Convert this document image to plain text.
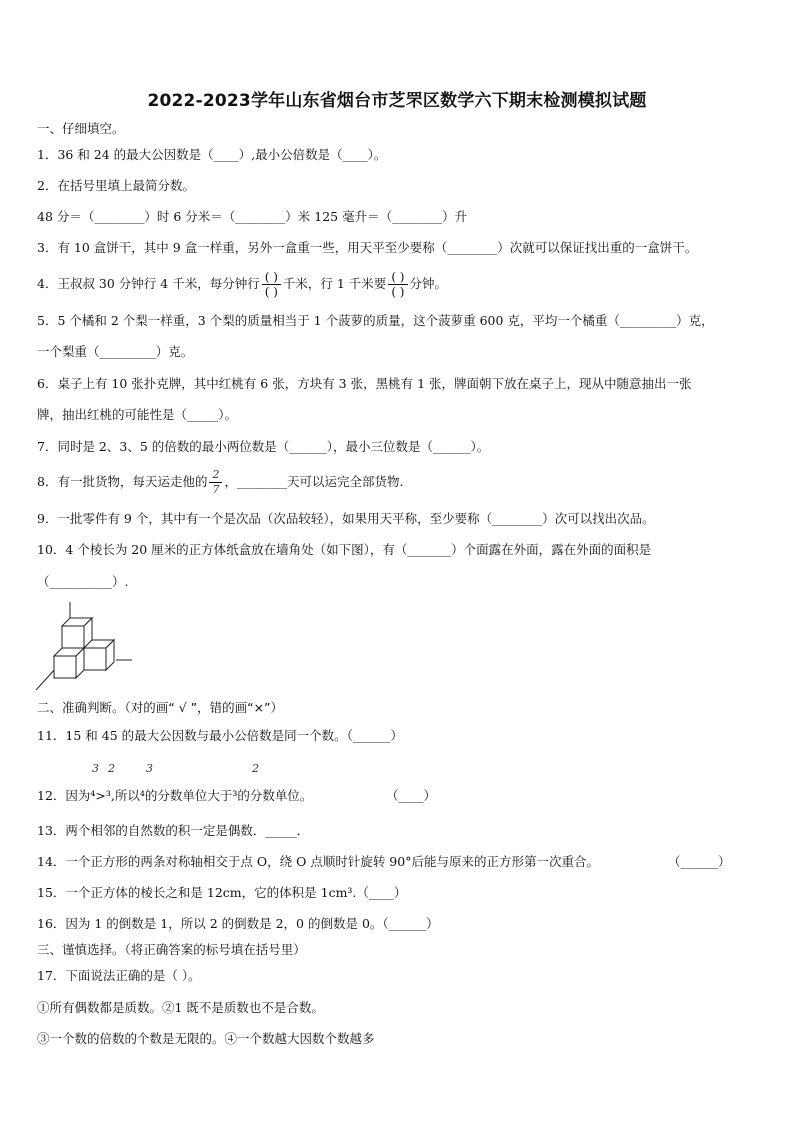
2022-2023学年山东省烟台市芝罘区数学六下期末检测模拟试题
一、仔细填空。
1．36 和 24 的最大公因数是（____）,最小公倍数是（____）。
2．在括号里填上最简分数。
48 分＝（________）时 6 分米＝（________）米 125 毫升＝（________）升
3．有 10 盒饼干，其中 9 盒一样重，另外一盒重一些，用天平至少要称（________）次就可以保证找出重的一盒饼干。
4．王叔叔 30 分钟行 4 千米，每分钟行 $\frac{( )}{( )}$ 千米，行 1 千米要 $\frac{( )}{( )}$ 分钟。
5．5 个橘和 2 个梨一样重，3 个梨的质量相当于 1 个菠萝的质量，这个菠萝重 600 克，平均一个橘重（_________）克，
一个梨重（_________）克。
6．桌子上有 10 张扑克牌，其中红桃有 6 张，方块有 3 张，黑桃有 1 张，牌面朝下放在桌子上，现从中随意抽出一张
牌，抽出红桃的可能性是（_____）。
7．同时是 2、3、5 的倍数的最小两位数是（______），最小三位数是（______）。
8．有一批货物，每天运走他的 $\frac{2}{7}$ ，________天可以运完全部货物.
9．一批零件有 9 个，其中有一个是次品（次品较轻），如果用天平称，至少要称（________）次可以找出次品。
10．4 个棱长为 20 厘米的正方体纸盒放在墙角处（如下图），有（_______）个面露在外面，露在外面的面积是
（__________）.
二、准确判断。（对的画“ √ ”，错的画“×”）
11．15 和 45 的最大公因数与最小公倍数是同一个数。（______）
3 2	3	2
12．因为⁴>³,所以⁴的分数单位大于³的分数单位。	（____）
13．两个相邻的自然数的积一定是偶数．_____．
14．一个正方形的两条对称轴相交于点 O，绕 O 点顺时针旋转 90°后能与原来的正方形第一次重合。	（______）
15．一个正方体的棱长之和是 12cm，它的体积是 1cm³.（____）
16．因为 1 的倒数是 1，所以 2 的倒数是 2，0 的倒数是 0。（______）
三、谨慎选择。（将正确答案的标号填在括号里）
17．下面说法正确的是（ ）。
①所有偶数都是质数。②1 既不是质数也不是合数。
③一个数的倍数的个数是无限的。④一个数越大因数个数越多
